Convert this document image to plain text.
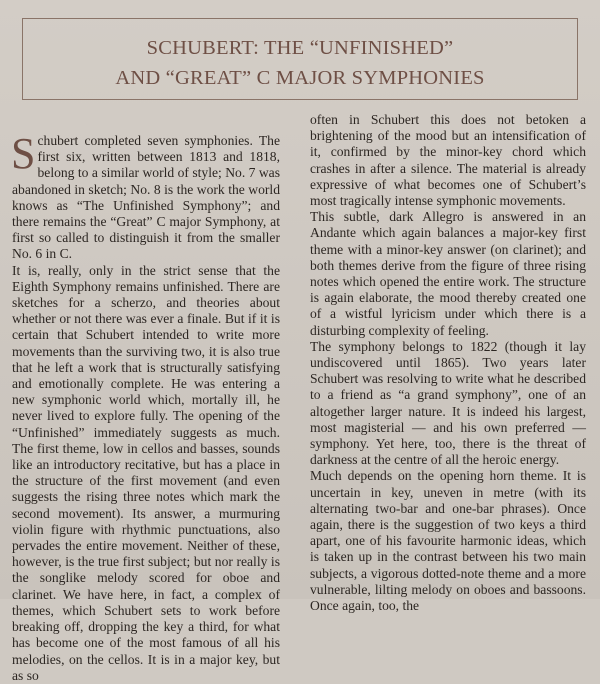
SCHUBERT: THE “UNFINISHED”
AND “GREAT” C MAJOR SYMPHONIES

Schubert completed seven symphonies. The first six, written between 1813 and 1818, belong to a similar world of style; No. 7 was abandoned in sketch; No. 8 is the work the world knows as “The Unfinished Symphony”; and there remains the “Great” C major Symphony, at first so called to distinguish it from the smaller No. 6 in C.

It is, really, only in the strict sense that the Eighth Symphony remains unfinished. There are sketches for a scherzo, and theories about whether or not there was ever a finale. But if it is certain that Schubert intended to write more movements than the surviving two, it is also true that he left a work that is structurally satisfying and emotionally complete. He was entering a new symphonic world which, mortally ill, he never lived to explore fully. The opening of the “Unfinished” immediately suggests as much. The first theme, low in cellos and basses, sounds like an introductory recitative, but has a place in the structure of the first movement (and even suggests the rising three notes which mark the second movement). Its answer, a murmuring violin figure with rhythmic punctuations, also pervades the entire movement. Neither of these, however, is the true first subject; but nor really is the songlike melody scored for oboe and clarinet. We have here, in fact, a complex of themes, which Schubert sets to work before breaking off, dropping the key a third, for what has become one of the most famous of all his melodies, on the cellos. It is in a major key, but as so

often in Schubert this does not betoken a brightening of the mood but an intensification of it, confirmed by the minor-key chord which crashes in after a silence. The material is already expressive of what becomes one of Schubert’s most tragically intense symphonic movements.

This subtle, dark Allegro is answered in an Andante which again balances a major-key first theme with a minor-key answer (on clarinet); and both themes derive from the figure of three rising notes which opened the entire work. The structure is again elaborate, the mood thereby created one of a wistful lyricism under which there is a disturbing complexity of feeling.

The symphony belongs to 1822 (though it lay undiscovered until 1865). Two years later Schubert was resolving to write what he described to a friend as “a grand symphony”, one of an altogether larger nature. It is indeed his largest, most magisterial — and his own preferred — symphony. Yet here, too, there is the threat of darkness at the centre of all the heroic energy.

Much depends on the opening horn theme. It is uncertain in key, uneven in metre (with its alternating two-bar and one-bar phrases). Once again, there is the suggestion of two keys a third apart, one of his favourite harmonic ideas, which is taken up in the contrast between his two main subjects, a vigorous dotted-note theme and a more vulnerable, lilting melody on oboes and bassoons. Once again, too, the
